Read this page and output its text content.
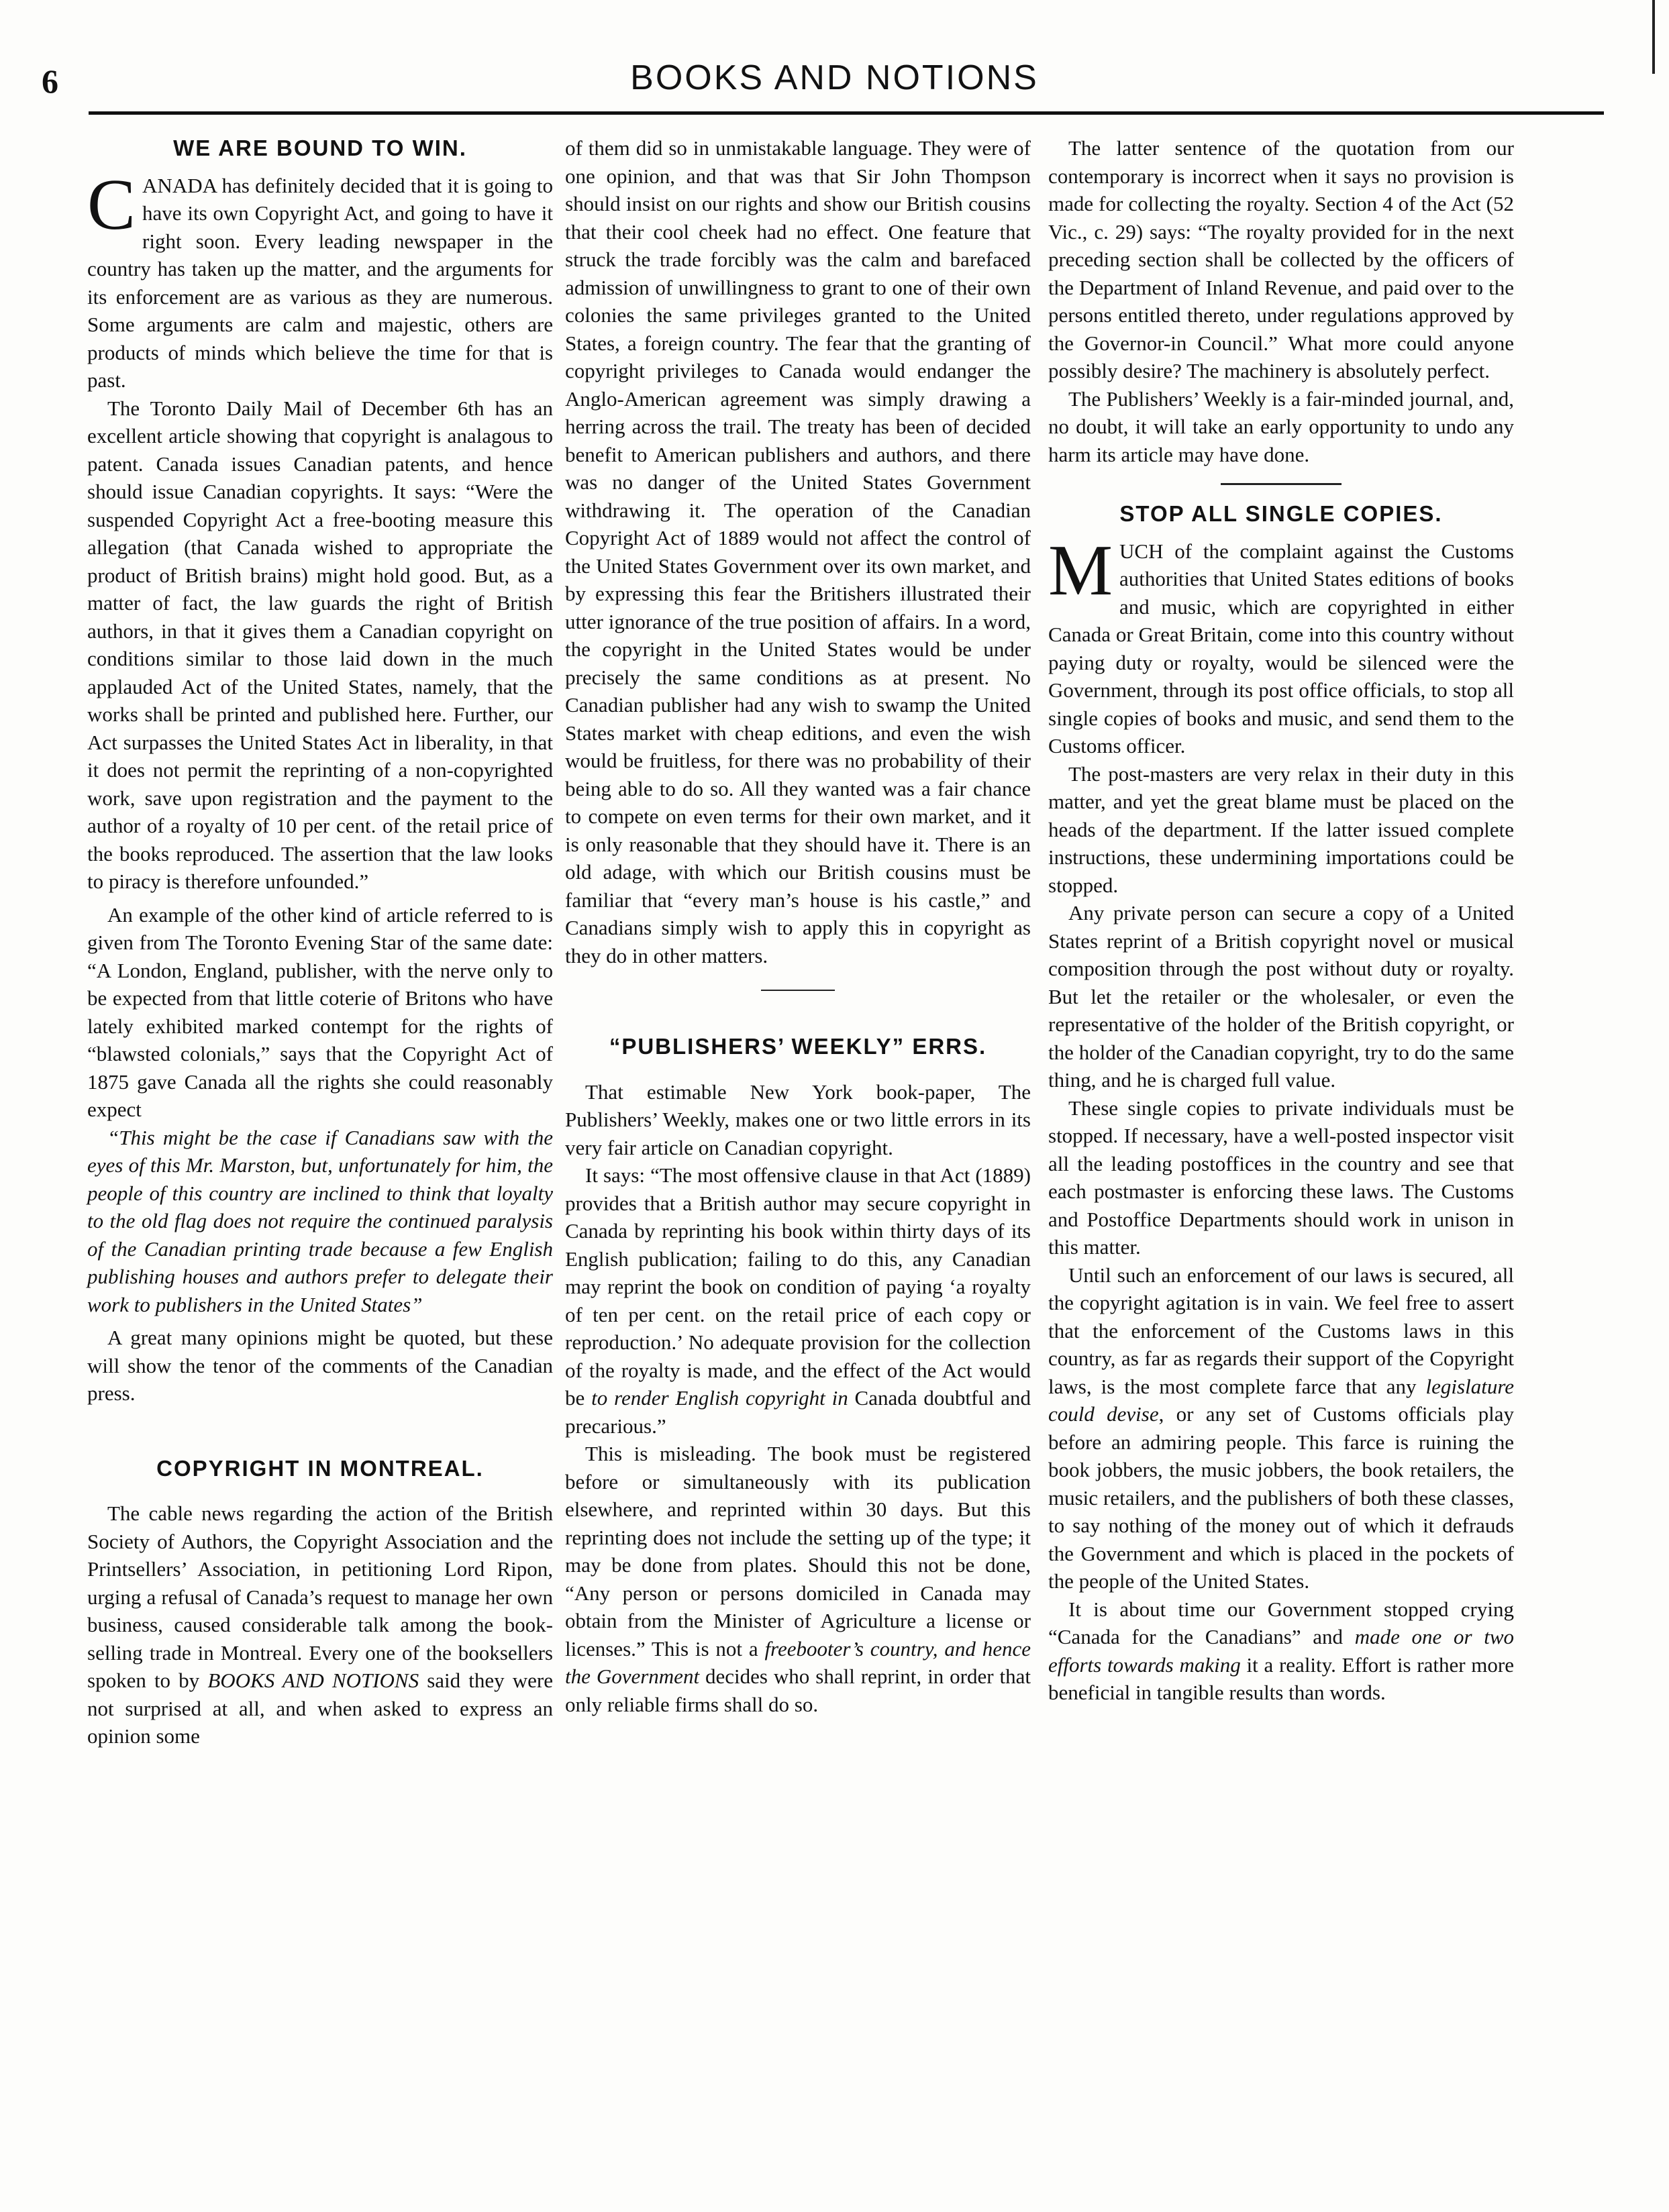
6	BOOKS AND NOTIONS
WE ARE BOUND TO WIN.

CANADA has definitely decided that it is going to have its own Copyright Act, and going to have it right soon. Every leading newspaper in the country has taken up the matter, and the arguments for its enforcement are as various as they are numerous. Some arguments are calm and majestic, others are products of minds which believe the time for that is past.

The Toronto Daily Mail of December 6th has an excellent article showing that copyright is analagous to patent. Canada issues Canadian patents, and hence should issue Canadian copyrights. It says: “Were the suspended Copyright Act a free-booting measure this allegation (that Canada wished to appropriate the product of British brains) might hold good. But, as a matter of fact, the law guards the right of British authors, in that it gives them a Canadian copyright on conditions similar to those laid down in the much applauded Act of the United States, namely, that the works shall be printed and published here. Further, our Act surpasses the United States Act in liberality, in that it does not permit the reprinting of a non-copyrighted work, save upon registration and the payment to the author of a royalty of 10 per cent. of the retail price of the books reproduced. The assertion that the law looks to piracy is therefore unfounded.”

An example of the other kind of article referred to is given from The Toronto Evening Star of the same date: “A London, England, publisher, with the nerve only to be expected from that little coterie of Britons who have lately exhibited marked contempt for the rights of “blawsted colonials,” says that the Copyright Act of 1875 gave Canada all the rights she could reasonably expect

“This might be the case if Canadians saw with the eyes of this Mr. Marston, but, unfortunately for him, the people of this country are inclined to think that loyalty to the old flag does not require the continued paralysis of the Canadian printing trade because a few English publishing houses and authors prefer to delegate their work to publishers in the United States”

A great many opinions might be quoted, but these will show the tenor of the comments of the Canadian press.

COPYRIGHT IN MONTREAL.

The cable news regarding the action of the British Society of Authors, the Copyright Association and the Printsellers’ Association, in petitioning Lord Ripon, urging a refusal of Canada’s request to manage her own business, caused considerable talk among the book-selling trade in Montreal. Every one of the booksellers spoken to by BOOKS AND NOTIONS said they were not surprised at all, and when asked to express an opinion some

of them did so in unmistakable language. They were of one opinion, and that was that Sir John Thompson should insist on our rights and show our British cousins that their cool cheek had no effect. One feature that struck the trade forcibly was the calm and barefaced admission of unwillingness to grant to one of their own colonies the same privileges granted to the United States, a foreign country. The fear that the granting of copyright privileges to Canada would endanger the Anglo-American agreement was simply drawing a herring across the trail. The treaty has been of decided benefit to American publishers and authors, and there was no danger of the United States Government withdrawing it. The operation of the Canadian Copyright Act of 1889 would not affect the control of the United States Government over its own market, and by expressing this fear the Britishers illustrated their utter ignorance of the true position of affairs. In a word, the copyright in the United States would be under precisely the same conditions as at present. No Canadian publisher had any wish to swamp the United States market with cheap editions, and even the wish would be fruitless, for there was no probability of their being able to do so. All they wanted was a fair chance to compete on even terms for their own market, and it is only reasonable that they should have it. There is an old adage, with which our British cousins must be familiar that “every man’s house is his castle,” and Canadians simply wish to apply this in copyright as they do in other matters.

“PUBLISHERS’ WEEKLY” ERRS.

That estimable New York book-paper, The Publishers’ Weekly, makes one or two little errors in its very fair article on Canadian copyright.

It says: “The most offensive clause in that Act (1889) provides that a British author may secure copyright in Canada by reprinting his book within thirty days of its English publication; failing to do this, any Canadian may reprint the book on condition of paying ‘a royalty of ten per cent. on the retail price of each copy or reproduction.’ No adequate provision for the collection of the royalty is made, and the effect of the Act would be to render English copyright in Canada doubtful and precarious.”

This is misleading. The book must be registered before or simultaneously with its publication elsewhere, and reprinted within 30 days. But this reprinting does not include the setting up of the type; it may be done from plates. Should this not be done, “Any person or persons domiciled in Canada may obtain from the Minister of Agriculture a license or licenses.” This is not a freebooter’s country, and hence the Government decides who shall reprint, in order that only reliable firms shall do so.

The latter sentence of the quotation from our contemporary is incorrect when it says no provision is made for collecting the royalty. Section 4 of the Act (52 Vic., c. 29) says: “The royalty provided for in the next preceding section shall be collected by the officers of the Department of Inland Revenue, and paid over to the persons entitled thereto, under regulations approved by the Governor-in Council.” What more could anyone possibly desire? The machinery is absolutely perfect.

The Publishers’ Weekly is a fair-minded journal, and, no doubt, it will take an early opportunity to undo any harm its article may have done.

STOP ALL SINGLE COPIES.

MUCH of the complaint against the Customs authorities that United States editions of books and music, which are copyrighted in either Canada or Great Britain, come into this country without paying duty or royalty, would be silenced were the Government, through its post office officials, to stop all single copies of books and music, and send them to the Customs officer.

The post-masters are very relax in their duty in this matter, and yet the great blame must be placed on the heads of the department. If the latter issued complete instructions, these undermining importations could be stopped.

Any private person can secure a copy of a United States reprint of a British copyright novel or musical composition through the post without duty or royalty. But let the retailer or the wholesaler, or even the representative of the holder of the British copyright, or the holder of the Canadian copyright, try to do the same thing, and he is charged full value.

These single copies to private individuals must be stopped. If necessary, have a well-posted inspector visit all the leading postoffices in the country and see that each postmaster is enforcing these laws. The Customs and Postoffice Departments should work in unison in this matter.

Until such an enforcement of our laws is secured, all the copyright agitation is in vain. We feel free to assert that the enforcement of the Customs laws in this country, as far as regards their support of the Copyright laws, is the most complete farce that any legislature could devise, or any set of Customs officials play before an admiring people. This farce is ruining the book jobbers, the music jobbers, the book retailers, the music retailers, and the publishers of both these classes, to say nothing of the money out of which it defrauds the Government and which is placed in the pockets of the people of the United States.

It is about time our Government stopped crying “Canada for the Canadians” and made one or two efforts towards making it a reality. Effort is rather more beneficial in tangible results than words.
